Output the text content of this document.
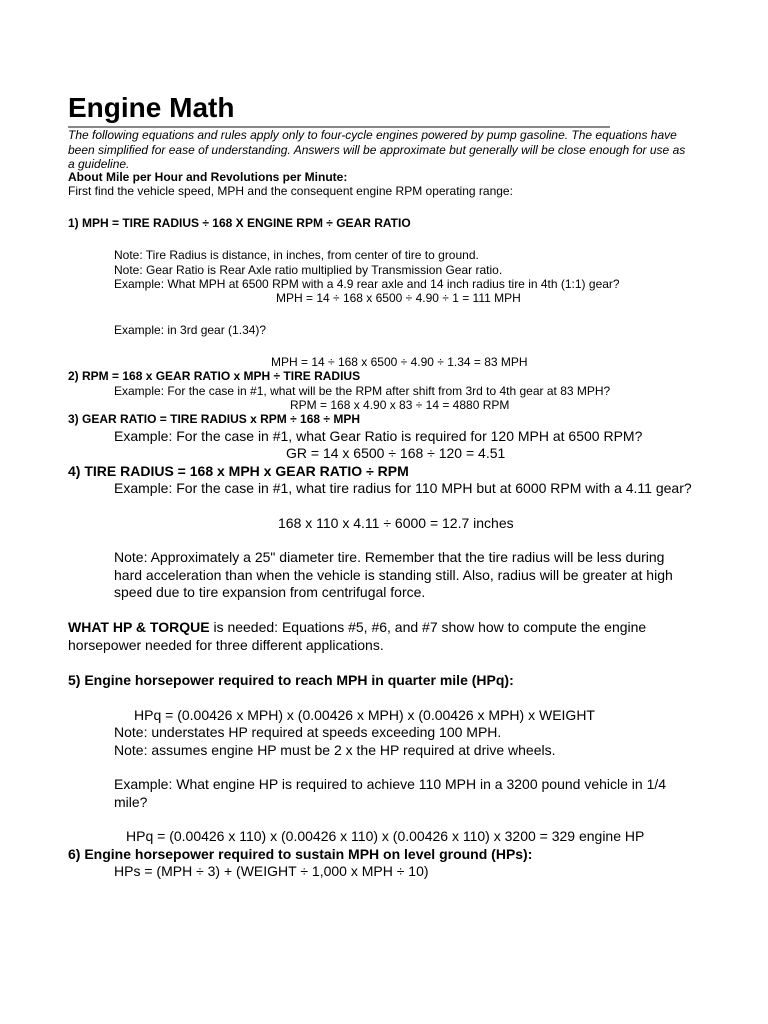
Engine Math

The following equations and rules apply only to four-cycle engines powered by pump gasoline. The equations have been simplified for ease of understanding. Answers will be approximate but generally will be close enough for use as a guideline.

About Mile per Hour and Revolutions per Minute:
First find the vehicle speed, MPH and the consequent engine RPM operating range:
1) MPH = TIRE RADIUS ÷ 168 X ENGINE RPM ÷ GEAR RATIO
Note: Tire Radius is distance, in inches, from center of tire to ground.
Note: Gear Ratio is Rear Axle ratio multiplied by Transmission Gear ratio.
Example: What MPH at 6500 RPM with a 4.9 rear axle and 14 inch radius tire in 4th (1:1) gear?
MPH = 14 ÷ 168 x 6500 ÷ 4.90 ÷ 1 = 111 MPH
Example: in 3rd gear (1.34)?
MPH = 14 ÷ 168 x 6500 ÷ 4.90 ÷ 1.34 = 83 MPH
2) RPM = 168 x GEAR RATIO x MPH ÷ TIRE RADIUS
Example: For the case in #1, what will be the RPM after shift from 3rd to 4th gear at 83 MPH?
RPM = 168 x 4.90 x 83 ÷ 14 = 4880 RPM
3) GEAR RATIO = TIRE RADIUS x RPM ÷ 168 ÷ MPH
Example: For the case in #1, what Gear Ratio is required for 120 MPH at 6500 RPM?
GR = 14 x 6500 ÷ 168 ÷ 120 = 4.51
4) TIRE RADIUS = 168 x MPH x GEAR RATIO ÷ RPM
Example: For the case in #1, what tire radius for 110 MPH but at 6000 RPM with a 4.11 gear?
168 x 110 x 4.11 ÷ 6000 = 12.7 inches
Note: Approximately a 25" diameter tire. Remember that the tire radius will be less during hard acceleration than when the vehicle is standing still. Also, radius will be greater at high speed due to tire expansion from centrifugal force.
WHAT HP & TORQUE is needed: Equations #5, #6, and #7 show how to compute the engine horsepower needed for three different applications.
5) Engine horsepower required to reach MPH in quarter mile (HPq):
HPq = (0.00426 x MPH) x (0.00426 x MPH) x (0.00426 x MPH) x WEIGHT
Note: understates HP required at speeds exceeding 100 MPH.
Note: assumes engine HP must be 2 x the HP required at drive wheels.
Example: What engine HP is required to achieve 110 MPH in a 3200 pound vehicle in 1/4 mile?
HPq = (0.00426 x 110) x (0.00426 x 110) x (0.00426 x 110) x 3200 = 329 engine HP
6) Engine horsepower required to sustain MPH on level ground (HPs):
HPs = (MPH ÷ 3) + (WEIGHT ÷ 1,000 x MPH ÷ 10)
